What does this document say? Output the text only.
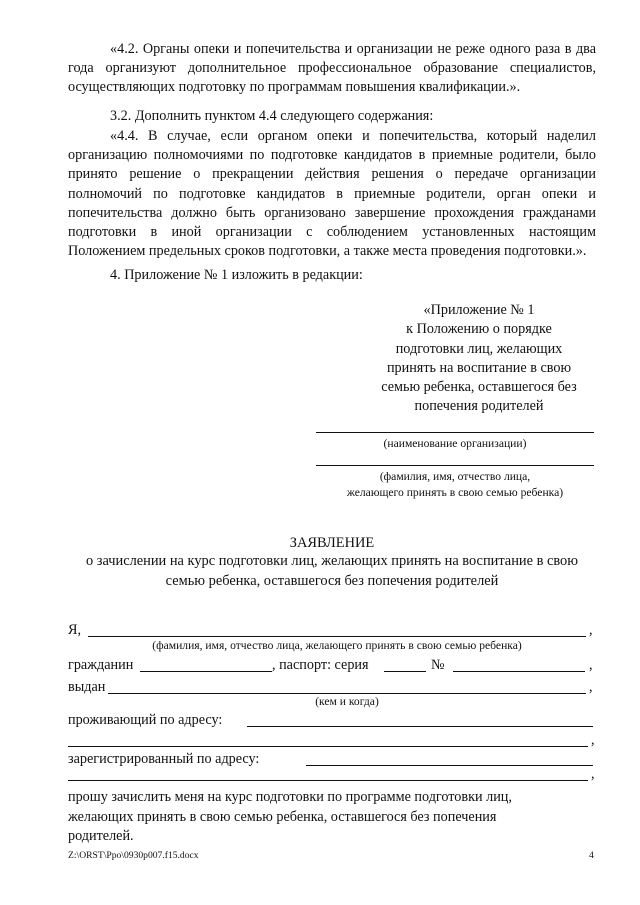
«4.2. Органы опеки и попечительства и организации не реже одного раза в два года организуют дополнительное профессиональное образование специалистов, осуществляющих подготовку по программам повышения квалификации.».

3.2. Дополнить пунктом 4.4 следующего содержания:

«4.4. В случае, если органом опеки и попечительства, который наделил организацию полномочиями по подготовке кандидатов в приемные родители, было принято решение о прекращении действия решения о передаче организации полномочий по подготовке кандидатов в приемные родители, орган опеки и попечительства должно быть организовано завершение прохождения гражданами подготовки в иной организации с соблюдением установленных настоящим Положением предельных сроков подготовки, а также места проведения подготовки.».

4. Приложение № 1 изложить в редакции:

«Приложение № 1
к Положению о порядке
подготовки лиц, желающих
принять на воспитание в свою
семью ребенка, оставшегося без
попечения родителей
(наименование организации)
(фамилия, имя, отчество лица,
желающего принять в свою семью ребенка)
ЗАЯВЛЕНИЕ
о зачислении на курс подготовки лиц, желающих принять на воспитание в свою
семью ребенка, оставшегося без попечения родителей
Я,	,
(фамилия, имя, отчество лица, желающего принять в свою семью ребенка)
гражданин	, паспорт: серия	№	,
выдан	,
(кем и когда)
проживающий по адресу:
,
зарегистрированный по адресу:
,

прошу зачислить меня на курс подготовки по программе подготовки лиц, желающих принять в свою семью ребенка, оставшегося без попечения родителей.

Z:\ORST\Ppo\0930p007.f15.docx	4
